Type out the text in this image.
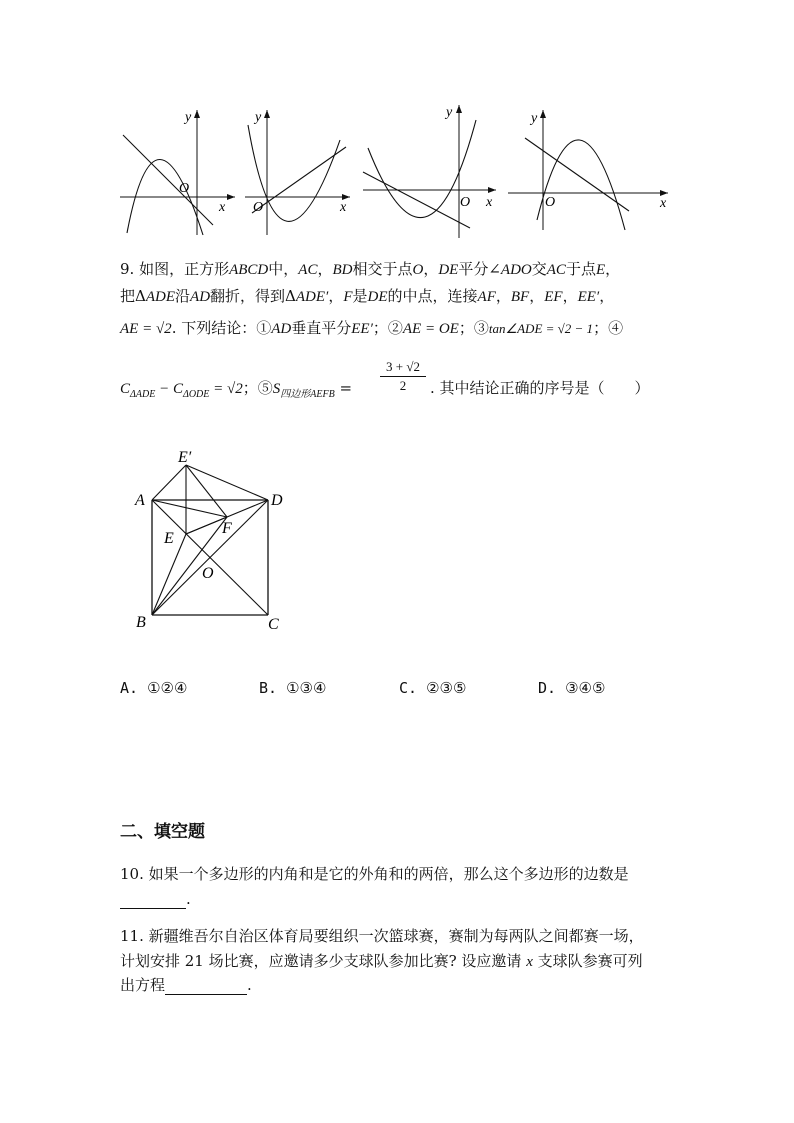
x
y
O
x
y
O	x
y
O	x
y
O
9. 如图，正方形ABCD中，AC，BD相交于点O，DE平分∠ADO交AC于点E，
把ΔADE沿AD翻折，得到ΔADE′，F是DE的中点，连接AF，BF，EF，EE′，
AE = √2. 下列结论：①AD垂直平分EE′；②AE = OE；③tan∠ADE = √2 − 1；④
$C_{\Delta ADE} - C_{\Delta ODE} = √2$；$⑤S_{四边形AEFB} = \frac{3 + √2}{2}$ . 其中结论正确的序号是（　　）
E′
A	D
E
F
O
B	C
A. ①②④	B. ①③④	C. ②③⑤	D. ③④⑤
二、填空题
10. 如果一个多边形的内角和是它的外角和的两倍，那么这个多边形的边数是
.
11. 新疆维吾尔自治区体育局要组织一次篮球赛，赛制为每两队之间都赛一场，
计划安排 21 场比赛，应邀请多少支球队参加比赛? 设应邀请 x 支球队参赛可列
出方程	.
